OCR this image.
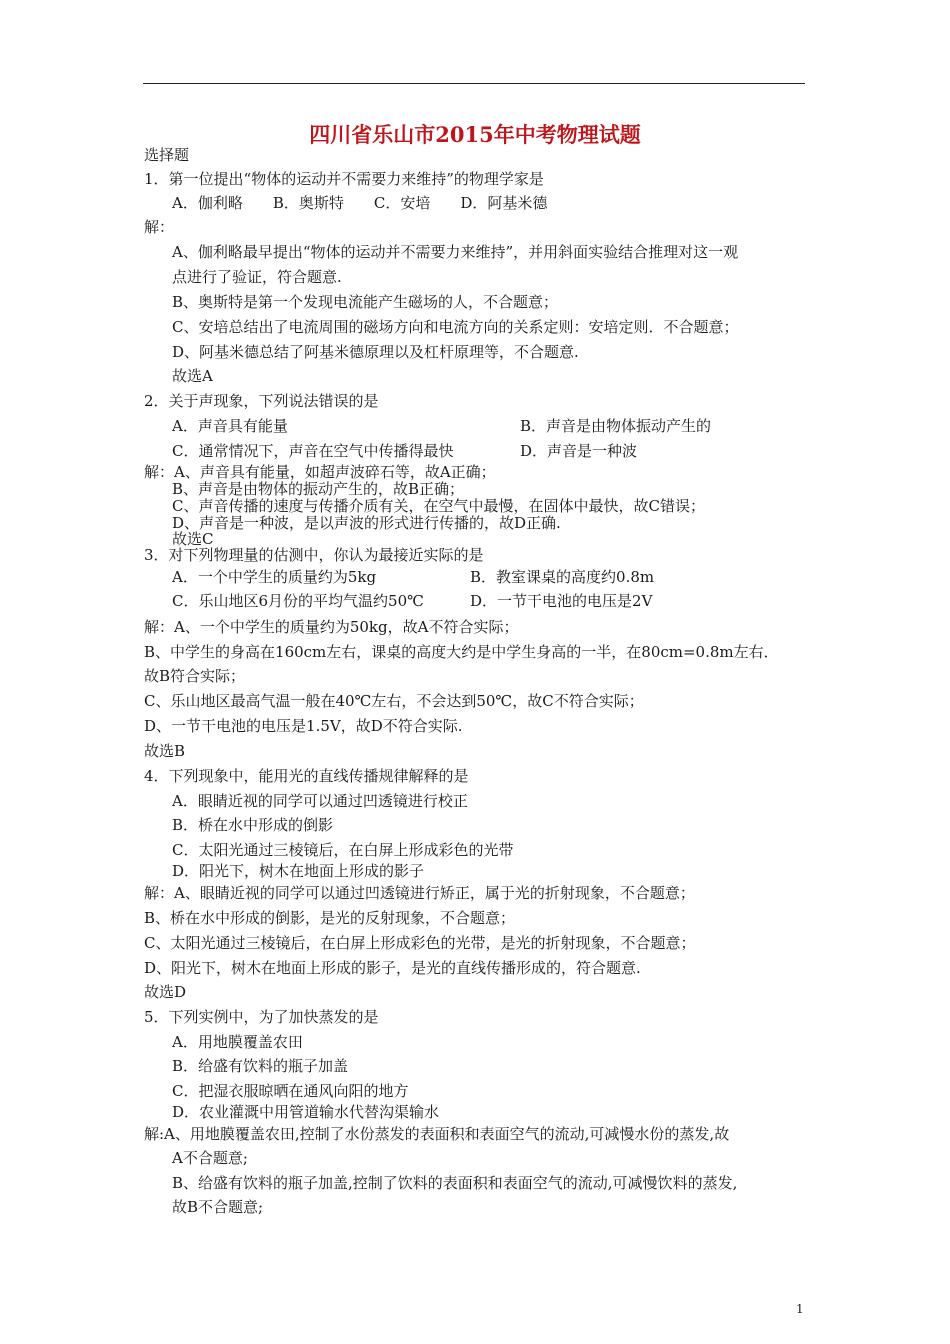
四川省乐山市2015年中考物理试题
选择题
1．第一位提出“物体的运动并不需要力来维持”的物理学家是
A．伽利略　　B．奥斯特　　C．安培　　D．阿基米德
解：
A、伽利略最早提出“物体的运动并不需要力来维持”，并用斜面实验结合推理对这一观
点进行了验证，符合题意.
B、奥斯特是第一个发现电流能产生磁场的人，不合题意；
C、安培总结出了电流周围的磁场方向和电流方向的关系定则：安培定则．不合题意；
D、阿基米德总结了阿基米德原理以及杠杆原理等，不合题意.
故选A
2．关于声现象，下列说法错误的是
A．声音具有能量	B．声音是由物体振动产生的
C．通常情况下，声音在空气中传播得最快	D．声音是一种波
解：A、声音具有能量，如超声波碎石等，故A正确；
B、声音是由物体的振动产生的，故B正确；
C、声音传播的速度与传播介质有关，在空气中最慢，在固体中最快，故C错误；
D、声音是一种波，是以声波的形式进行传播的，故D正确.
故选C
3．对下列物理量的估测中，你认为最接近实际的是
A．一个中学生的质量约为5kg	B．教室课桌的高度约0.8m
C．乐山地区6月份的平均气温约50℃	D．一节干电池的电压是2V
解：A、一个中学生的质量约为50kg，故A不符合实际；
B、中学生的身高在160cm左右，课桌的高度大约是中学生身高的一半，在80cm=0.8m左右．
故B符合实际；
C、乐山地区最高气温一般在40℃左右，不会达到50℃，故C不符合实际；
D、一节干电池的电压是1.5V，故D不符合实际.
故选B
4．下列现象中，能用光的直线传播规律解释的是
A．眼睛近视的同学可以通过凹透镜进行校正
B．桥在水中形成的倒影
C．太阳光通过三棱镜后，在白屏上形成彩色的光带
D．阳光下，树木在地面上形成的影子
解：A、眼睛近视的同学可以通过凹透镜进行矫正，属于光的折射现象，不合题意；
B、桥在水中形成的倒影，是光的反射现象，不合题意；
C、太阳光通过三棱镜后，在白屏上形成彩色的光带，是光的折射现象，不合题意；
D、阳光下，树木在地面上形成的影子，是光的直线传播形成的，符合题意.
故选D
5．下列实例中，为了加快蒸发的是
A．用地膜覆盖农田
B．给盛有饮料的瓶子加盖
C．把湿衣服晾晒在通风向阳的地方
D．农业灌溉中用管道输水代替沟渠输水
解:A、用地膜覆盖农田,控制了水份蒸发的表面积和表面空气的流动,可减慢水份的蒸发,故
A不合题意;
B、给盛有饮料的瓶子加盖,控制了饮料的表面积和表面空气的流动,可减慢饮料的蒸发,
故B不合题意;
1
